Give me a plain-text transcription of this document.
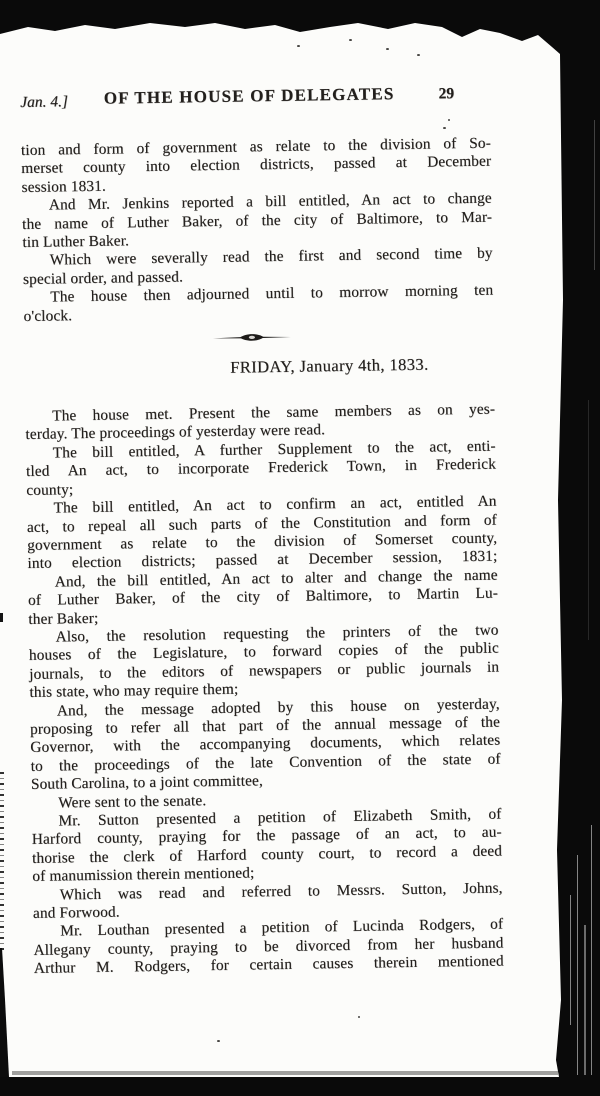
Jan. 4.]	OF THE HOUSE OF DELEGATES	29

tion and form of government as relate to the division of So-
merset county into election districts, passed at December
session 1831.

And Mr. Jenkins reported a bill entitled, An act to change
the name of Luther Baker, of the city of Baltimore, to Mar-
tin Luther Baker.

Which were severally read the first and second time by
special order, and passed.

The house then adjourned until to morrow morning ten
o'clock.

FRIDAY, January 4th, 1833.

The house met. Present the same members as on yes-
terday. The proceedings of yesterday were read.

The bill entitled, A further Supplement to the act, enti-
tled An act, to incorporate Frederick Town, in Frederick
county;

The bill entitled, An act to confirm an act, entitled An
act, to repeal all such parts of the Constitution and form of
government as relate to the division of Somerset county,
into election districts; passed at December session, 1831;

And, the bill entitled, An act to alter and change the name
of Luther Baker, of the city of Baltimore, to Martin Lu-
ther Baker;

Also, the resolution requesting the printers of the two
houses of the Legislature, to forward copies of the public
journals, to the editors of newspapers or public journals in
this state, who may require them;

And, the message adopted by this house on yesterday,
proposing to refer all that part of the annual message of the
Governor, with the accompanying documents, which relates
to the proceedings of the late Convention of the state of
South Carolina, to a joint committee,

Were sent to the senate.

Mr. Sutton presented a petition of Elizabeth Smith, of
Harford county, praying for the passage of an act, to au-
thorise the clerk of Harford county court, to record a deed
of manumission therein mentioned;

Which was read and referred to Messrs. Sutton, Johns,
and Forwood.

Mr. Louthan presented a petition of Lucinda Rodgers, of
Allegany county, praying to be divorced from her husband
Arthur M. Rodgers, for certain causes therein mentioned
